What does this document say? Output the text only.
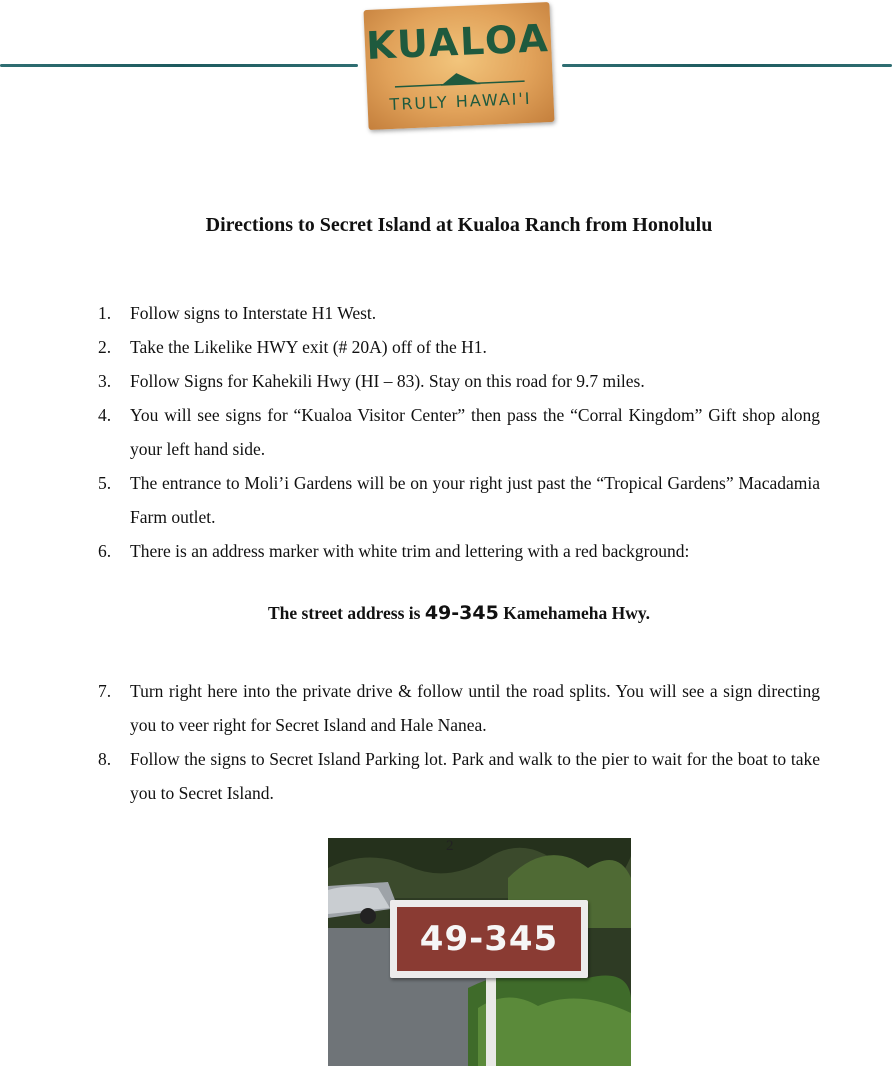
KUALOA
TRULY HAWAI'I
Directions to Secret Island at Kualoa Ranch from Honolulu
1. Follow signs to Interstate H1 West.
2. Take the Likelike HWY exit (# 20A) off of the H1.
3. Follow Signs for Kahekili Hwy (HI – 83). Stay on this road for 9.7 miles.
4. You will see signs for “Kualoa Visitor Center” then pass the “Corral Kingdom” Gift shop along your left hand side.
5. The entrance to Moli’i Gardens will be on your right just past the “Tropical Gardens” Macadamia Farm outlet.
6. There is an address marker with white trim and lettering with a red background:
The street address is 49-345 Kamehameha Hwy.
7. Turn right here into the private drive & follow until the road splits. You will see a sign directing you to veer right for Secret Island and Hale Nanea.
8. Follow the signs to Secret Island Parking lot. Park and walk to the pier to wait for the boat to take you to Secret Island.
2
49-345
